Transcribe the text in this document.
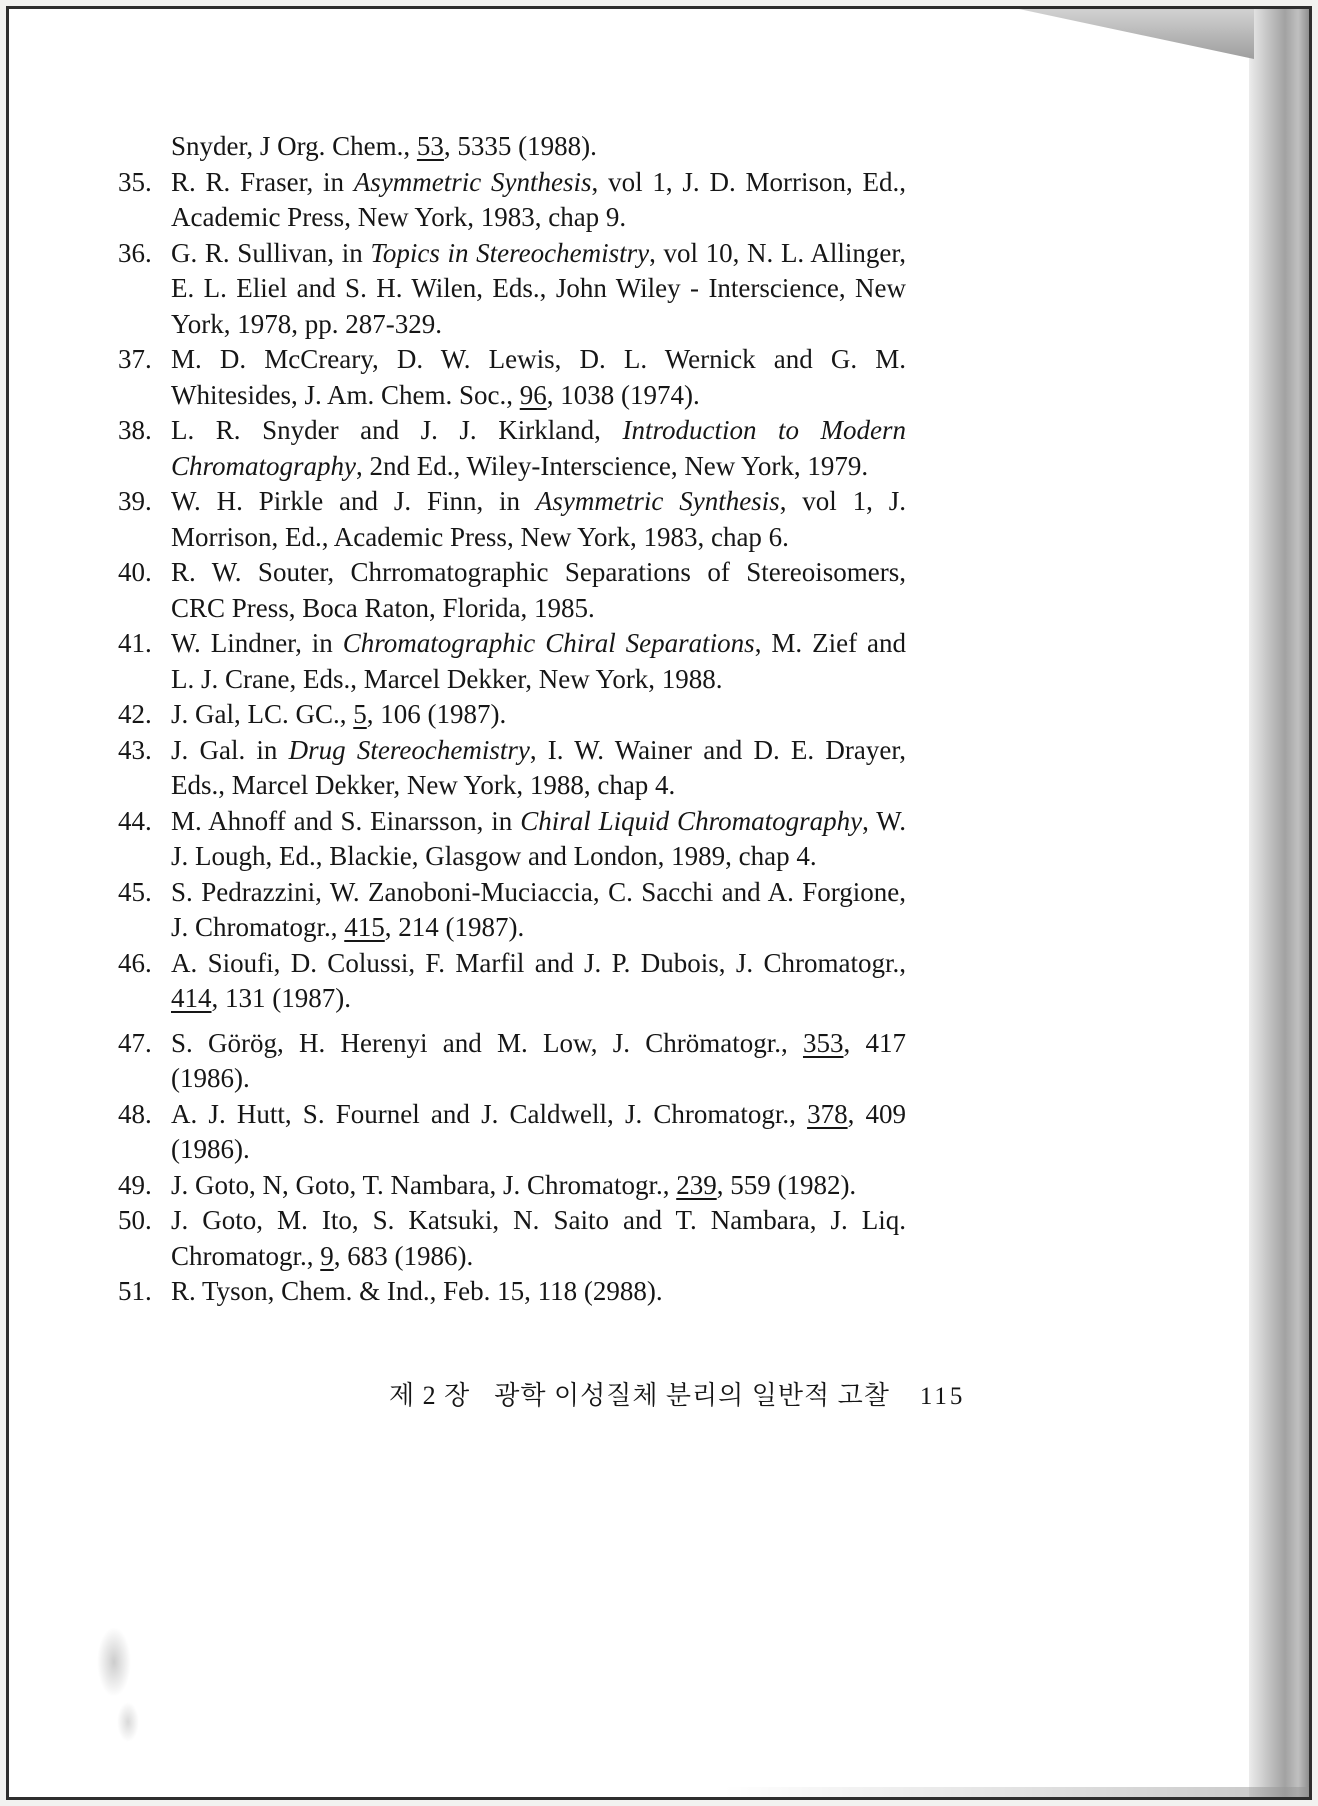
Snyder, J Org. Chem., 53, 5335 (1988).
35. R. R. Fraser, in Asymmetric Synthesis, vol 1, J. D. Morrison, Ed., Academic Press, New York, 1983, chap 9.
36. G. R. Sullivan, in Topics in Stereochemistry, vol 10, N. L. Allinger, E. L. Eliel and S. H. Wilen, Eds., John Wiley - Interscience, New York, 1978, pp. 287-329.
37. M. D. McCreary, D. W. Lewis, D. L. Wernick and G. M. Whitesides, J. Am. Chem. Soc., 96, 1038 (1974).
38. L. R. Snyder and J. J. Kirkland, Introduction to Modern Chromatography, 2nd Ed., Wiley-Interscience, New York, 1979.
39. W. H. Pirkle and J. Finn, in Asymmetric Synthesis, vol 1, J. Morrison, Ed., Academic Press, New York, 1983, chap 6.
40. R. W. Souter, Chrromatographic Separations of Stereoisomers, CRC Press, Boca Raton, Florida, 1985.
41. W. Lindner, in Chromatographic Chiral Separations, M. Zief and L. J. Crane, Eds., Marcel Dekker, New York, 1988.
42. J. Gal, LC. GC., 5, 106 (1987).
43. J. Gal. in Drug Stereochemistry, I. W. Wainer and D. E. Drayer, Eds., Marcel Dekker, New York, 1988, chap 4.
44. M. Ahnoff and S. Einarsson, in Chiral Liquid Chromatography, W. J. Lough, Ed., Blackie, Glasgow and London, 1989, chap 4.
45. S. Pedrazzini, W. Zanoboni-Muciaccia, C. Sacchi and A. Forgione, J. Chromatogr., 415, 214 (1987).
46. A. Sioufi, D. Colussi, F. Marfil and J. P. Dubois, J. Chromatogr., 414, 131 (1987).
47. S. Görög, H. Herenyi and M. Low, J. Chrömatogr., 353, 417 (1986).
48. A. J. Hutt, S. Fournel and J. Caldwell, J. Chromatogr., 378, 409 (1986).
49. J. Goto, N, Goto, T. Nambara, J. Chromatogr., 239, 559 (1982).
50. J. Goto, M. Ito, S. Katsuki, N. Saito and T. Nambara, J. Liq. Chromatogr., 9, 683 (1986).
51. R. Tyson, Chem. & Ind., Feb. 15, 118 (2988).
제 2 장 광학 이성질체 분리의 일반적 고찰 115
